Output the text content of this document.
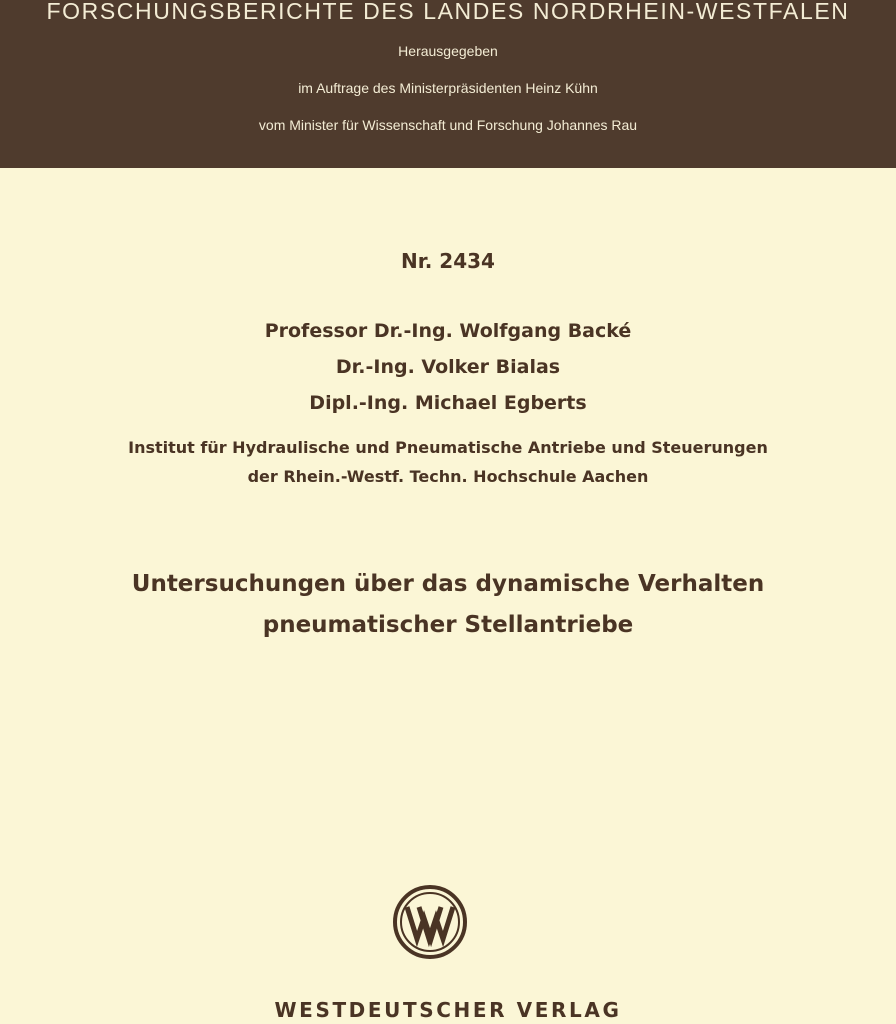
FORSCHUNGSBERICHTE DES LANDES NORDRHEIN-WESTFALEN
Herausgegeben
im Auftrage des Ministerpräsidenten Heinz Kühn
vom Minister für Wissenschaft und Forschung Johannes Rau
Nr. 2434
Professor Dr.-Ing. Wolfgang Backé
Dr.-Ing. Volker Bialas
Dipl.-Ing. Michael Egberts
Institut für Hydraulische und Pneumatische Antriebe und Steuerungen
der Rhein.-Westf. Techn. Hochschule Aachen
Untersuchungen über das dynamische Verhalten
pneumatischer Stellantriebe
WESTDEUTSCHER VERLAG
